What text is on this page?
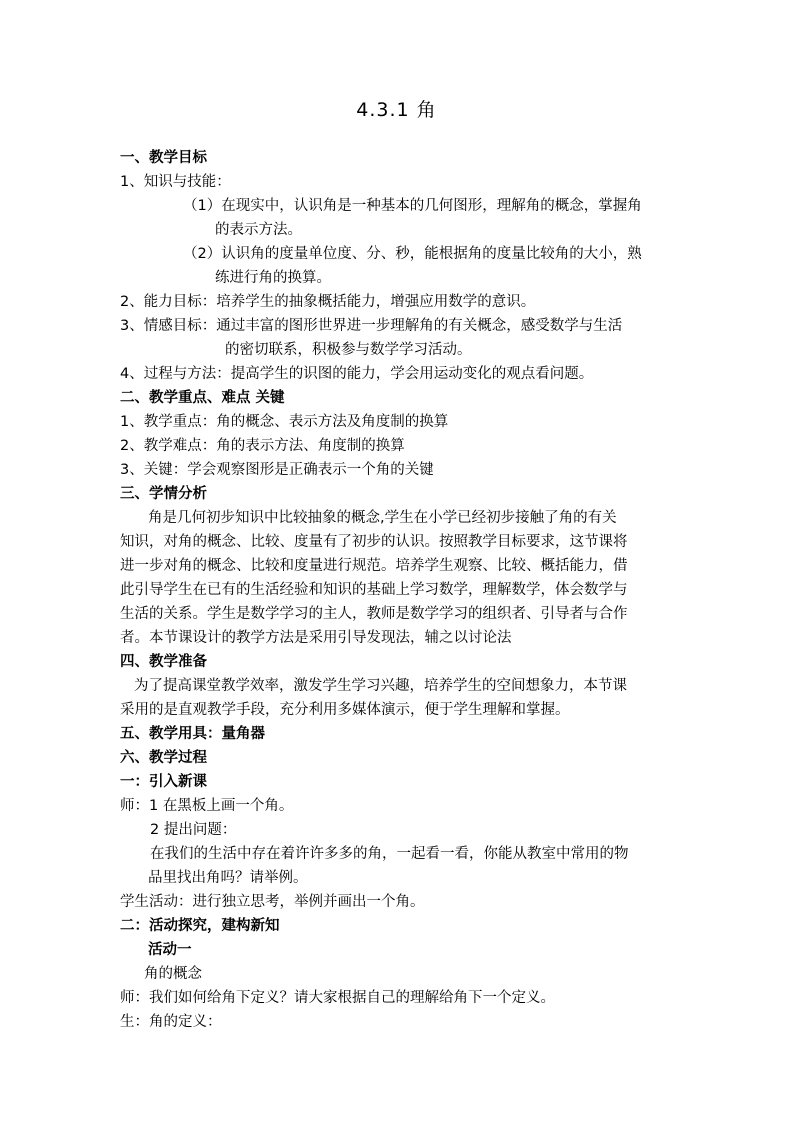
4.3.1 角
一、教学目标
1、知识与技能：
（1）在现实中，认识角是一种基本的几何图形，理解角的概念，掌握角
的表示方法。
（2）认识角的度量单位度、分、秒，能根据角的度量比较角的大小，熟
练进行角的换算。
2、能力目标：培养学生的抽象概括能力，增强应用数学的意识。
3、情感目标：通过丰富的图形世界进一步理解角的有关概念，感受数学与生活
的密切联系，积极参与数学学习活动。
4、过程与方法：提高学生的识图的能力，学会用运动变化的观点看问题。
二、教学重点、难点 关键
1、教学重点：角的概念、表示方法及角度制的换算
2、教学难点：角的表示方法、角度制的换算
3、关键：学会观察图形是正确表示一个角的关键
三、学情分析
角是几何初步知识中比较抽象的概念,学生在小学已经初步接触了角的有关
知识，对角的概念、比较、度量有了初步的认识。按照教学目标要求，这节课将
进一步对角的概念、比较和度量进行规范。培养学生观察、比较、概括能力，借
此引导学生在已有的生活经验和知识的基础上学习数学，理解数学，体会数学与
生活的关系。学生是数学学习的主人，教师是数学学习的组织者、引导者与合作
者。本节课设计的教学方法是采用引导发现法，辅之以讨论法
四、教学准备
为了提高课堂教学效率，激发学生学习兴趣，培养学生的空间想象力，本节课
采用的是直观教学手段，充分利用多媒体演示，便于学生理解和掌握。
五、教学用具：量角器
六、教学过程
一：引入新课
师：1 在黑板上画一个角。
2 提出问题：
在我们的生活中存在着许许多多的角，一起看一看，你能从教室中常用的物
品里找出角吗？请举例。
学生活动：进行独立思考，举例并画出一个角。
二：活动探究，建构新知
活动一
角的概念
师：我们如何给角下定义？请大家根据自己的理解给角下一个定义。
生：角的定义：
